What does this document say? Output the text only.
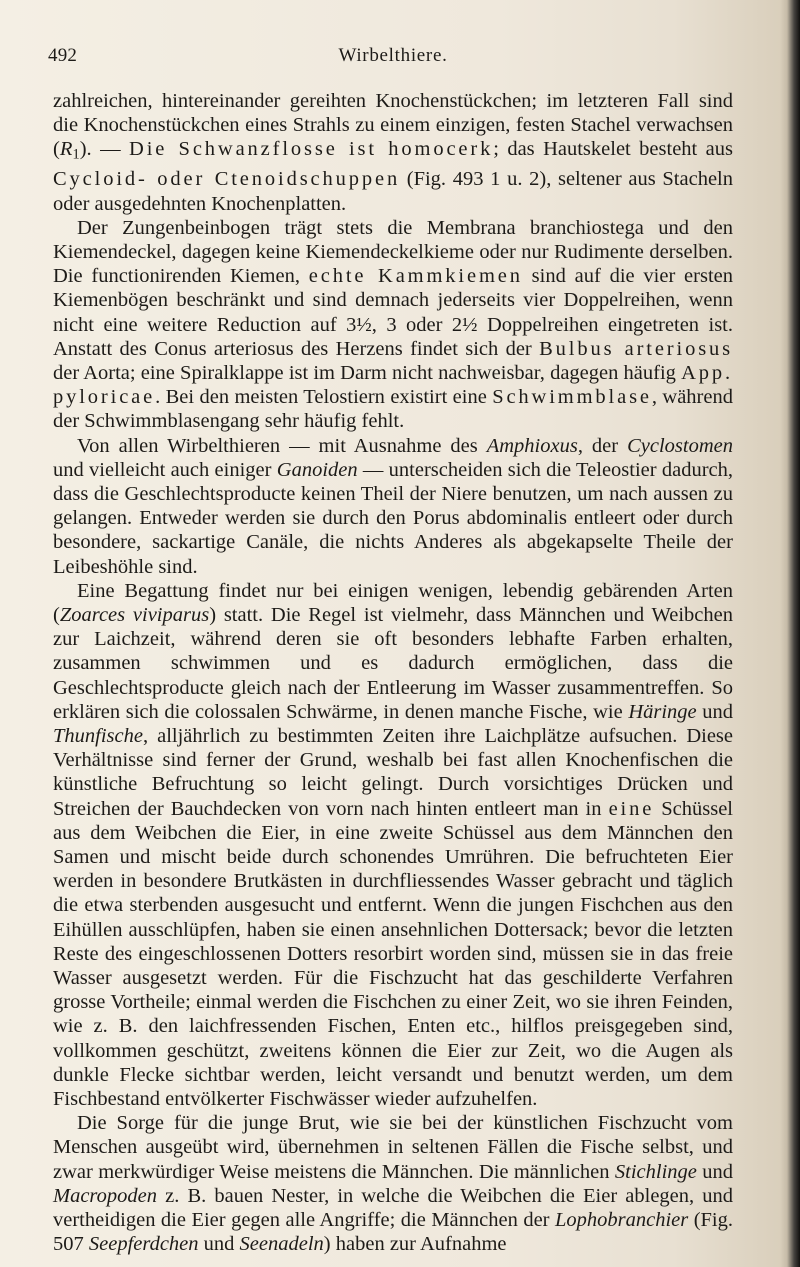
492	Wirbelthiere.

zahlreichen, hintereinander gereihten Knochenstückchen; im letzteren Fall sind die Knochenstückchen eines Strahls zu einem einzigen, festen Stachel verwachsen $(R_1)$. — Die Schwanzflosse ist homocerk; das Hautskelet besteht aus Cycloid- oder Ctenoidschuppen (Fig. 493 1 u. 2), seltener aus Stacheln oder ausgedehnten Knochenplatten.

Der Zungenbeinbogen trägt stets die Membrana branchiostega und den Kiemendeckel, dagegen keine Kiemendeckelkieme oder nur Rudimente derselben. Die functionirenden Kiemen, echte Kammkiemen sind auf die vier ersten Kiemenbögen beschränkt und sind demnach jederseits vier Doppelreihen, wenn nicht eine weitere Reduction auf 3½, 3 oder 2½ Doppelreihen eingetreten ist. Anstatt des Conus arteriosus des Herzens findet sich der Bulbus arteriosus der Aorta; eine Spiralklappe ist im Darm nicht nachweisbar, dagegen häufig App. pyloricae. Bei den meisten Telostiern existirt eine Schwimmblase, während der Schwimmblasengang sehr häufig fehlt.

Von allen Wirbelthieren — mit Ausnahme des Amphioxus, der Cyclostomen und vielleicht auch einiger Ganoiden — unterscheiden sich die Teleostier dadurch, dass die Geschlechtsproducte keinen Theil der Niere benutzen, um nach aussen zu gelangen. Entweder werden sie durch den Porus abdominalis entleert oder durch besondere, sackartige Canäle, die nichts Anderes als abgekapselte Theile der Leibeshöhle sind.

Eine Begattung findet nur bei einigen wenigen, lebendig gebärenden Arten (Zoarces viviparus) statt. Die Regel ist vielmehr, dass Männchen und Weibchen zur Laichzeit, während deren sie oft besonders lebhafte Farben erhalten, zusammen schwimmen und es dadurch ermöglichen, dass die Geschlechtsproducte gleich nach der Entleerung im Wasser zusammentreffen. So erklären sich die colossalen Schwärme, in denen manche Fische, wie Häringe und Thunfische, alljährlich zu bestimmten Zeiten ihre Laichplätze aufsuchen. Diese Verhältnisse sind ferner der Grund, weshalb bei fast allen Knochenfischen die künstliche Befruchtung so leicht gelingt. Durch vorsichtiges Drücken und Streichen der Bauchdecken von vorn nach hinten entleert man in eine Schüssel aus dem Weibchen die Eier, in eine zweite Schüssel aus dem Männchen den Samen und mischt beide durch schonendes Umrühren. Die befruchteten Eier werden in besondere Brutkästen in durchfliessendes Wasser gebracht und täglich die etwa sterbenden ausgesucht und entfernt. Wenn die jungen Fischchen aus den Eihüllen ausschlüpfen, haben sie einen ansehnlichen Dottersack; bevor die letzten Reste des eingeschlossenen Dotters resorbirt worden sind, müssen sie in das freie Wasser ausgesetzt werden. Für die Fischzucht hat das geschilderte Verfahren grosse Vortheile; einmal werden die Fischchen zu einer Zeit, wo sie ihren Feinden, wie z. B. den laichfressenden Fischen, Enten etc., hilflos preisgegeben sind, vollkommen geschützt, zweitens können die Eier zur Zeit, wo die Augen als dunkle Flecke sichtbar werden, leicht versandt und benutzt werden, um dem Fischbestand entvölkerter Fischwässer wieder aufzuhelfen.

Die Sorge für die junge Brut, wie sie bei der künstlichen Fischzucht vom Menschen ausgeübt wird, übernehmen in seltenen Fällen die Fische selbst, und zwar merkwürdiger Weise meistens die Männchen. Die männlichen Stichlinge und Macropoden z. B. bauen Nester, in welche die Weibchen die Eier ablegen, und vertheidigen die Eier gegen alle Angriffe; die Männchen der Lophobranchier (Fig. 507 Seepferdchen und Seenadeln) haben zur Aufnahme
